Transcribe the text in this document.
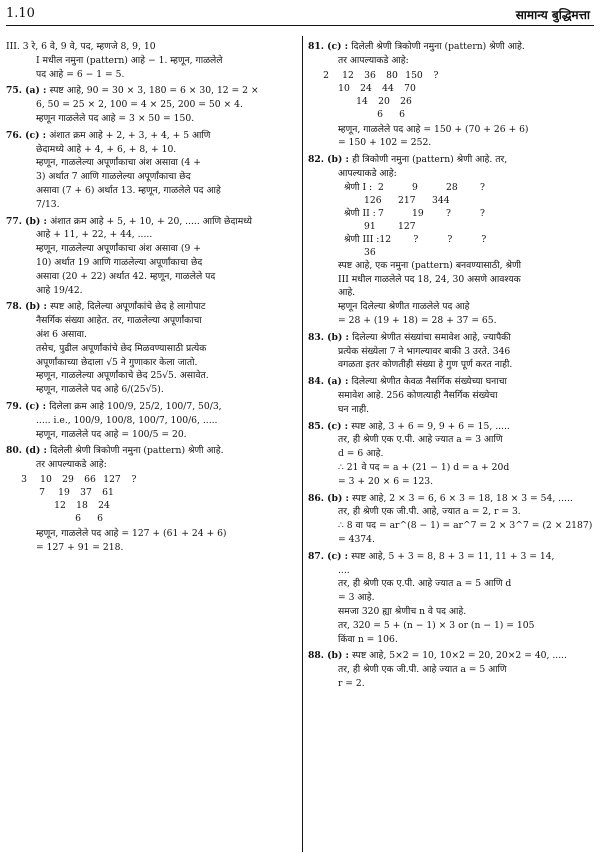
1.10	सामान्य बुद्धिमत्ता

III. 3 रे, 6 वे, 9 वे, पद, म्हणजे 8, 9, 10

I मधील नमुना (pattern) आहे − 1. म्हणून, गाळलेले

पद आहे = 6 − 1 = 5.

75. (a) : स्पष्ट आहे, 90 = 30 × 3, 180 = 6 × 30, 12 = 2 ×

6, 50 = 25 × 2, 100 = 4 × 25, 200 = 50 × 4.

म्हणून गाळलेले पद आहे = 3 × 50 = 150.

76. (c) : अंशात क्रम आहे + 2, + 3, + 4, + 5 आणि

छेदामध्ये आहे + 4, + 6, + 8, + 10.

म्हणून, गाळलेल्या अपूर्णांकाचा अंश असावा (4 +

3) अर्थात 7 आणि गाळलेल्या अपूर्णांकाचा छेद

असावा (7 + 6) अर्थात 13. म्हणून, गाळलेले पद आहे

7/13.

77. (b) : अंशात क्रम आहे + 5, + 10, + 20, ..... आणि छेदामध्ये

आहे + 11, + 22, + 44, .....

म्हणून, गाळलेल्या अपूर्णांकाचा अंश असावा (9 +

10) अर्थात 19 आणि गाळलेल्या अपूर्णांकाचा छेद

असावा (20 + 22) अर्थात 42. म्हणून, गाळलेले पद

आहे 19/42.

78. (b) : स्पष्ट आहे, दिलेल्या अपूर्णांकांचे छेद हे लागोपाट

नैसर्गिक संख्या आहेत. तर, गाळलेल्या अपूर्णांकाचा

अंश 6 असावा.

तसेच, पुढील अपूर्णांकांचे छेद मिळवण्यासाठी प्रत्येक

अपूर्णांकाच्या छेदाला √5 ने गुणाकार केला जातो.

म्हणून, गाळलेल्या अपूर्णांकाचे छेद 25√5. असावेत.

म्हणून, गाळलेले पद आहे 6/(25√5).

79. (c) : दिलेला क्रम आहे 100/9, 25/2, 100/7, 50/3,

..... i.e., 100/9, 100/8, 100/7, 100/6, .....

म्हणून, गाळलेले पद आहे = 100/5 = 20.

80. (d) : दिलेली श्रेणी त्रिकोणी नमुना (pattern) श्रेणी आहे.

तर आपल्याकडे आहे:

3	10	29	66 127	?
7	19	37	61
12	18	24
6	6

म्हणून, गाळलेले पद आहे = 127 + (61 + 24 + 6)

= 127 + 91 = 218.

81. (c) : दिलेली श्रेणी त्रिकोणी नमुना (pattern) श्रेणी आहे.

तर आपल्याकडे आहे:

2	12	36	80 150	?
10	24	44	70
14	20	26
6	6

म्हणून, गाळलेले पद आहे = 150 + (70 + 26 + 6)

= 150 + 102 = 252.

82. (b) : ही त्रिकोणी नमुना (pattern) श्रेणी आहे. तर,

आपल्याकडे आहे:

श्रेणी I : 2	9	28 ?
126 217 344
श्रेणी II : 7	19 ?	?
91 127
श्रेणी III :12 ?	?	?
36

स्पष्ट आहे, एक नमुना (pattern) बनवण्यासाठी, श्रेणी

III मधील गाळलेले पद 18, 24, 30 असणे आवश्यक

आहे.

म्हणून दिलेल्या श्रेणीत गाळलेले पद आहे

= 28 + (19 + 18) = 28 + 37 = 65.

83. (b) : दिलेल्या श्रेणीत संख्यांचा समावेश आहे, ज्यापैकी

प्रत्येक संख्येला 7 ने भागल्यावर बाकी 3 उरते. 346

वगळता इतर कोणतीही संख्या हे गुण पूर्ण करत नाही.

84. (a) : दिलेल्या श्रेणीत केवळ नैसर्गिक संख्येच्या घनाचा

समावेश आहे. 256 कोणत्याही नैसर्गिक संख्येचा

घन नाही.

85. (c) : स्पष्ट आहे, 3 + 6 = 9, 9 + 6 = 15, .....

तर, ही श्रेणी एक ए.पी. आहे ज्यात a = 3 आणि

d = 6 आहे.

∴ 21 वे पद = a + (21 − 1) d = a + 20d

= 3 + 20 × 6 = 123.

86. (b) : स्पष्ट आहे, 2 × 3 = 6, 6 × 3 = 18, 18 × 3 = 54, .....

तर, ही श्रेणी एक जी.पी. आहे, ज्यात a = 2, r = 3.

∴ 8 वा पद = ar^(8 − 1) = ar^7 = 2 × 3^7 = (2 × 2187)

= 4374.

87. (c) : स्पष्ट आहे, 5 + 3 = 8, 8 + 3 = 11, 11 + 3 = 14,

....

तर, ही श्रेणी एक ए.पी. आहे ज्यात a = 5 आणि d

= 3 आहे.

समजा 320 ह्या श्रेणीच n वे पद आहे.

तर, 320 = 5 + (n − 1) × 3 or (n − 1) = 105

किंवा n = 106.

88. (b) : स्पष्ट आहे, 5×2 = 10, 10×2 = 20, 20×2 = 40, .....

तर, ही श्रेणी एक जी.पी. आहे ज्यात a = 5 आणि

r = 2.
